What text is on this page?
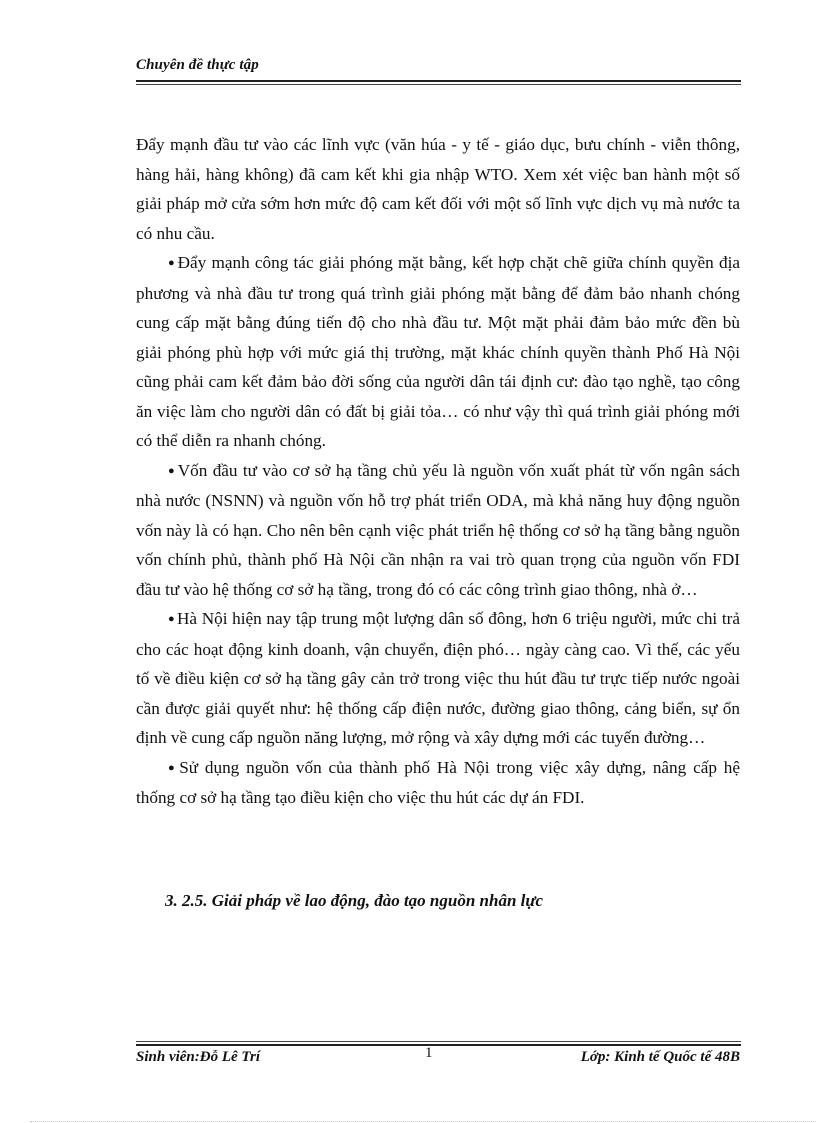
Chuyên đề thực tập

Đẩy mạnh đầu tư vào các lĩnh vực (văn húa - y tế - giáo dục, bưu chính - viễn thông, hàng hải, hàng không) đã cam kết khi gia nhập WTO. Xem xét việc ban hành một số giải pháp mở cửa sớm hơn mức độ cam kết đối với một số lĩnh vực dịch vụ mà nước ta có nhu cầu.

● Đẩy mạnh công tác giải phóng mặt bằng, kết hợp chặt chẽ giữa chính quyền địa phương và nhà đầu tư trong quá trình giải phóng mặt bằng để đảm bảo nhanh chóng cung cấp mặt bằng đúng tiến độ cho nhà đầu tư. Một mặt phải đảm bảo mức đền bù giải phóng phù hợp với mức giá thị trường, mặt khác chính quyền thành Phố Hà Nội cũng phải cam kết đảm bảo đời sống của người dân tái định cư: đào tạo nghề, tạo công ăn việc làm cho người dân có đất bị giải tỏa… có như vậy thì quá trình giải phóng mới có thể diễn ra nhanh chóng.

● Vốn đầu tư vào cơ sở hạ tầng chủ yếu là nguồn vốn xuất phát từ vốn ngân sách nhà nước (NSNN) và nguồn vốn hỗ trợ phát triển ODA, mà khả năng huy động nguồn vốn này là có hạn. Cho nên bên cạnh việc phát triển hệ thống cơ sở hạ tầng bằng nguồn vốn chính phủ, thành phố Hà Nội cần nhận ra vai trò quan trọng của nguồn vốn FDI đầu tư vào hệ thống cơ sở hạ tầng, trong đó có các công trình giao thông, nhà ở…

● Hà Nội hiện nay tập trung một lượng dân số đông, hơn 6 triệu người, mức chi trả cho các hoạt động kinh doanh, vận chuyển, điện phó… ngày càng cao. Vì thế, các yếu tố về điều kiện cơ sở hạ tầng gây cản trở trong việc thu hút đầu tư trực tiếp nước ngoài cần được giải quyết như: hệ thống cấp điện nước, đường giao thông, cảng biển, sự ổn định về cung cấp nguồn năng lượng, mở rộng và xây dựng mới các tuyến đường…

● Sử dụng nguồn vốn của thành phố Hà Nội trong việc xây dựng, nâng cấp hệ thống cơ sở hạ tầng tạo điều kiện cho việc thu hút các dự án FDI.

3. 2.5. Giải pháp về lao động, đào tạo nguồn nhân lực
Sinh viên:Đỗ Lê Trí	1	Lớp: Kinh tế Quốc tế 48B
